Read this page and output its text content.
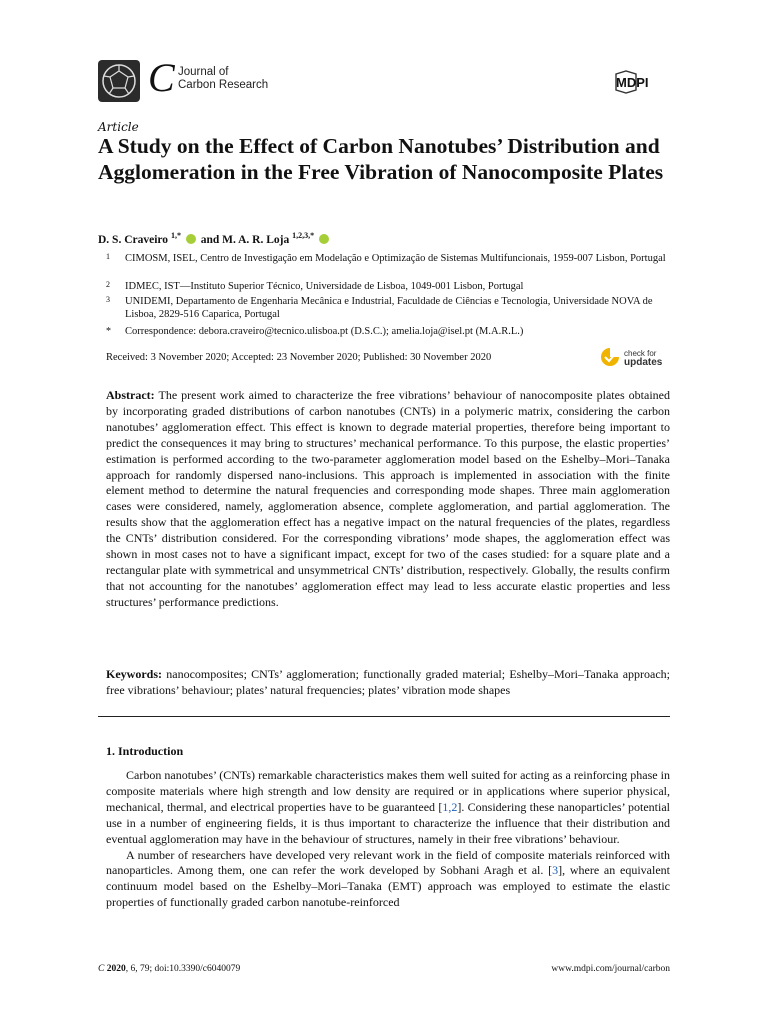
C Journal of
Carbon Research	MDPI
Article
A Study on the Effect of Carbon Nanotubes’ Distribution and Agglomeration in the Free Vibration of Nanocomposite Plates
D. S. Craveiro $^{1,*}$ and M. A. R. Loja $^{1,2,3,*}$
1 CIMOSM, ISEL, Centro de Investigação em Modelação e Optimização de Sistemas Multifuncionais, 1959-007 Lisbon, Portugal
2 IDMEC, IST—Instituto Superior Técnico, Universidade de Lisboa, 1049-001 Lisbon, Portugal
3 UNIDEMI, Departamento de Engenharia Mecânica e Industrial, Faculdade de Ciências e Tecnologia, Universidade NOVA de Lisboa, 2829-516 Caparica, Portugal
* Correspondence: debora.craveiro@tecnico.ulisboa.pt (D.S.C.); amelia.loja@isel.pt (M.A.R.L.)
Received: 3 November 2020; Accepted: 23 November 2020; Published: 30 November 2020	check for
updates
Abstract: The present work aimed to characterize the free vibrations’ behaviour of nanocomposite plates obtained by incorporating graded distributions of carbon nanotubes (CNTs) in a polymeric matrix, considering the carbon nanotubes’ agglomeration effect. This effect is known to degrade material properties, therefore being important to predict the consequences it may bring to structures’ mechanical performance. To this purpose, the elastic properties’ estimation is performed according to the two-parameter agglomeration model based on the Eshelby–Mori–Tanaka approach for randomly dispersed nano-inclusions. This approach is implemented in association with the finite element method to determine the natural frequencies and corresponding mode shapes. Three main agglomeration cases were considered, namely, agglomeration absence, complete agglomeration, and partial agglomeration. The results show that the agglomeration effect has a negative impact on the natural frequencies of the plates, regardless the CNTs’ distribution considered. For the corresponding vibrations’ mode shapes, the agglomeration effect was shown in most cases not to have a significant impact, except for two of the cases studied: for a square plate and a rectangular plate with symmetrical and unsymmetrical CNTs’ distribution, respectively. Globally, the results confirm that not accounting for the nanotubes’ agglomeration effect may lead to less accurate elastic properties and less structures’ performance predictions.
Keywords: nanocomposites; CNTs’ agglomeration; functionally graded material; Eshelby–Mori–Tanaka approach; free vibrations’ behaviour; plates’ natural frequencies; plates’ vibration mode shapes
1. Introduction

Carbon nanotubes’ (CNTs) remarkable characteristics makes them well suited for acting as a reinforcing phase in composite materials where high strength and low density are required or in applications where superior physical, mechanical, thermal, and electrical properties have to be guaranteed [1,2]. Considering these nanoparticles’ potential use in a number of engineering fields, it is thus important to characterize the influence that their distribution and eventual agglomeration may have in the behaviour of structures, namely in their free vibrations’ behaviour.

A number of researchers have developed very relevant work in the field of composite materials reinforced with nanoparticles. Among them, one can refer the work developed by Sobhani Aragh et al. [3], where an equivalent continuum model based on the Eshelby–Mori–Tanaka (EMT) approach was employed to estimate the elastic properties of functionally graded carbon nanotube-reinforced

C 2020, 6, 79; doi:10.3390/c6040079	www.mdpi.com/journal/carbon
